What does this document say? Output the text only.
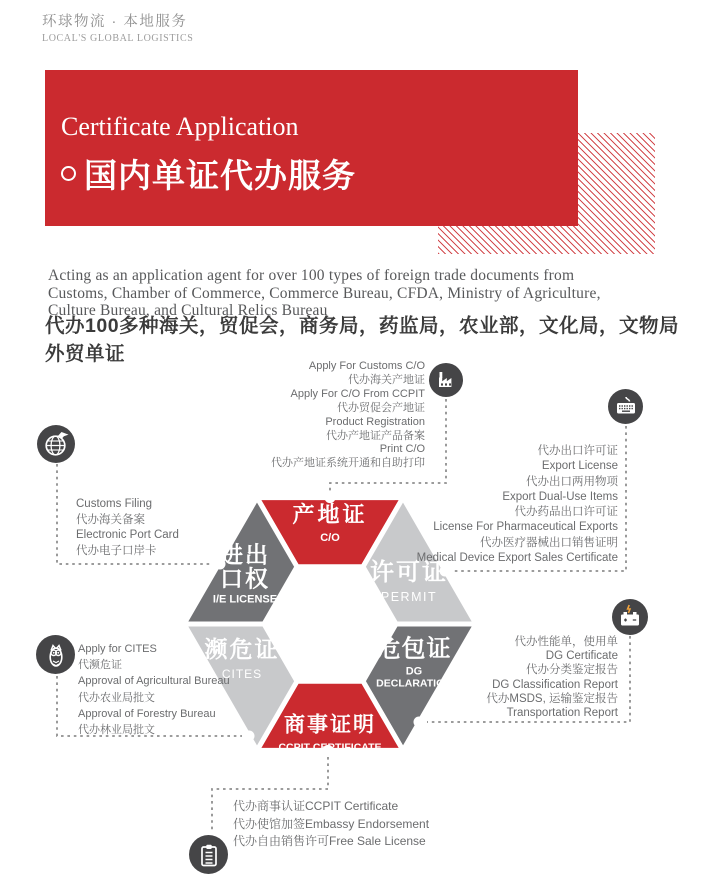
环球物流 · 本地服务
LOCAL'S GLOBAL LOGISTICS
Certificate Application
国内单证代办服务
Acting as an application agent for over 100 types of foreign trade documents from
Customs, Chamber of Commerce, Commerce Bureau, CFDA, Ministry of Agriculture,
Culture Bureau, and Cultural Relics Bureau
代办100多种海关，贸促会，商务局，药监局，农业部，文化局，文物局
外贸单证
产地证
C/O
进出
口权
I/E LICENSE
许可证
PERMIT
濒危证
CITES
危包证
DG
DECLARATION
商事证明
CCPIT CERTIFICATE
Apply For Customs C/O
代办海关产地证
Apply For C/O From CCPIT
代办贸促会产地证
Product Registration
代办产地证产品备案
Print C/O
代办产地证系统开通和自助打印
代办出口许可证
Export License
代办出口两用物项
Export Dual-Use Items
代办药品出口许可证
License For Pharmaceutical Exports
代办医疗器械出口销售证明
Medical Device Export Sales Certificate
Customs Filing
代办海关备案
Electronic Port Card
代办电子口岸卡
Apply for CITES
代濒危证
Approval of Agricultural Bureau
代办农业局批文
Approval of Forestry Bureau
代办林业局批文
代办性能单，使用单
DG Certificate
代办分类鉴定报告
DG Classification Report
代办MSDS, 运输鉴定报告
Transportation Report
代办商事认证CCPIT Certificate
代办使馆加签Embassy Endorsement
代办自由销售许可Free Sale License
